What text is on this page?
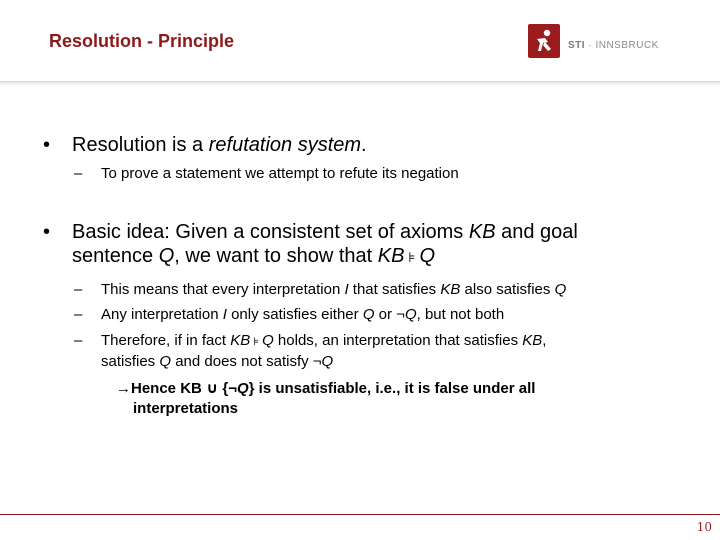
Resolution - Principle	STI · INNSBRUCK
• Resolution is a refutation system.
– To prove a statement we attempt to refute its negation
• Basic idea: Given a consistent set of axioms KB and goal
sentence Q, we want to show that KB ⊧ Q
– This means that every interpretation I that satisfies KB also satisfies Q
– Any interpretation I only satisfies either Q or ¬Q, but not both
– Therefore, if in fact KB ⊧ Q holds, an interpretation that satisfies KB,
satisfies Q and does not satisfy ¬Q
→Hence KB ∪ {¬Q} is unsatisfiable, i.e., it is false under all
interpretations
10
